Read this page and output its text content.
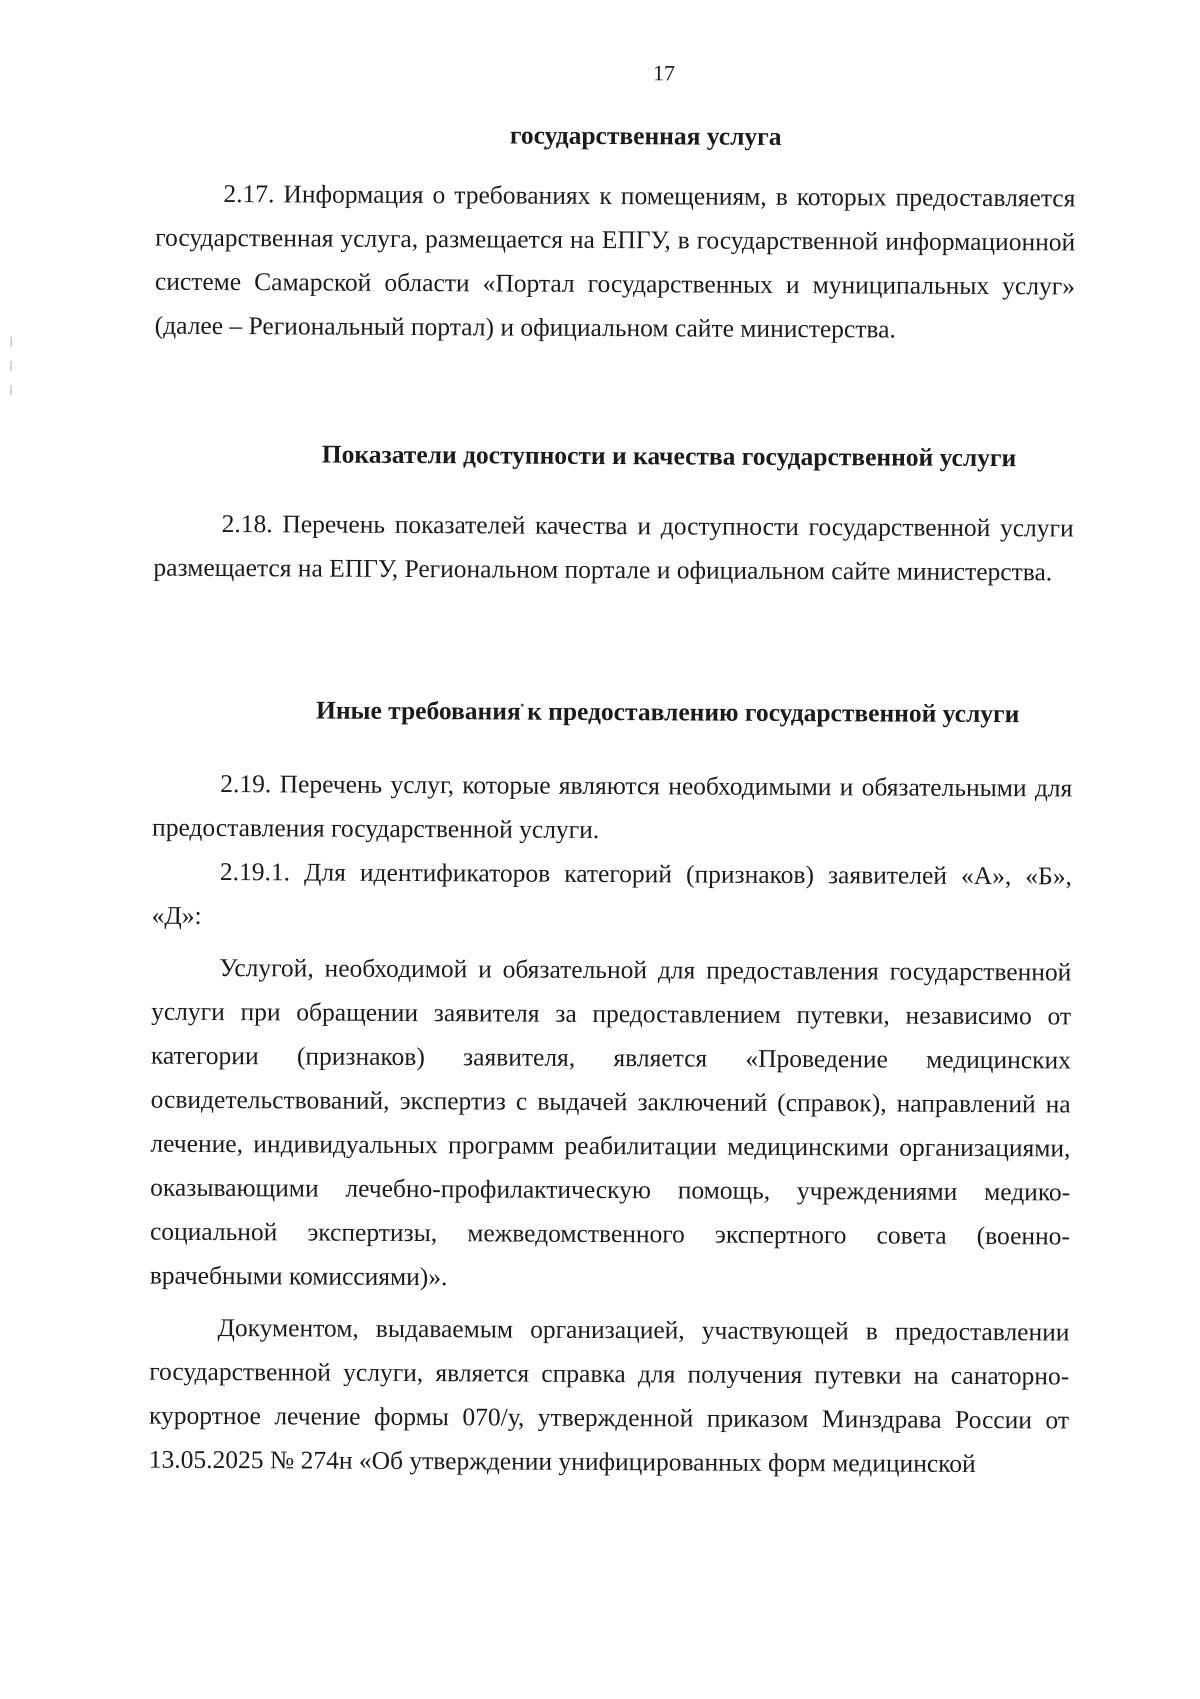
17

государственная услуга

2.17. Информация о требованиях к помещениям, в которых предоставляется государственная услуга, размещается на ЕПГУ, в государственной информационной системе Самарской области «Портал государственных и муниципальных услуг» (далее – Региональный портал) и официальном сайте министерства.

Показатели доступности и качества государственной услуги

2.18. Перечень показателей качества и доступности государственной услуги размещается на ЕПГУ, Региональном портале и официальном сайте министерства.

Иные требования к предоставлению государственной услуги

2.19. Перечень услуг, которые являются необходимыми и обязательными для предоставления государственной услуги.

2.19.1. Для идентификаторов категорий (признаков) заявителей «А», «Б», «Д»:

Услугой, необходимой и обязательной для предоставления государственной услуги при обращении заявителя за предоставлением путевки, независимо от категории (признаков) заявителя, является «Проведение медицинских освидетельствований, экспертиз с выдачей заключений (справок), направлений на лечение, индивидуальных программ реабилитации медицинскими организациями, оказывающими лечебно-профилактическую помощь, учреждениями медико-социальной экспертизы, межведомственного экспертного совета (военно-врачебными комиссиями)».

Документом, выдаваемым организацией, участвующей в предоставлении государственной услуги, является справка для получения путевки на санаторно-курортное лечение формы 070/у, утвержденной приказом Минздрава России от 13.05.2025 № 274н «Об утверждении унифицированных форм медицинской
